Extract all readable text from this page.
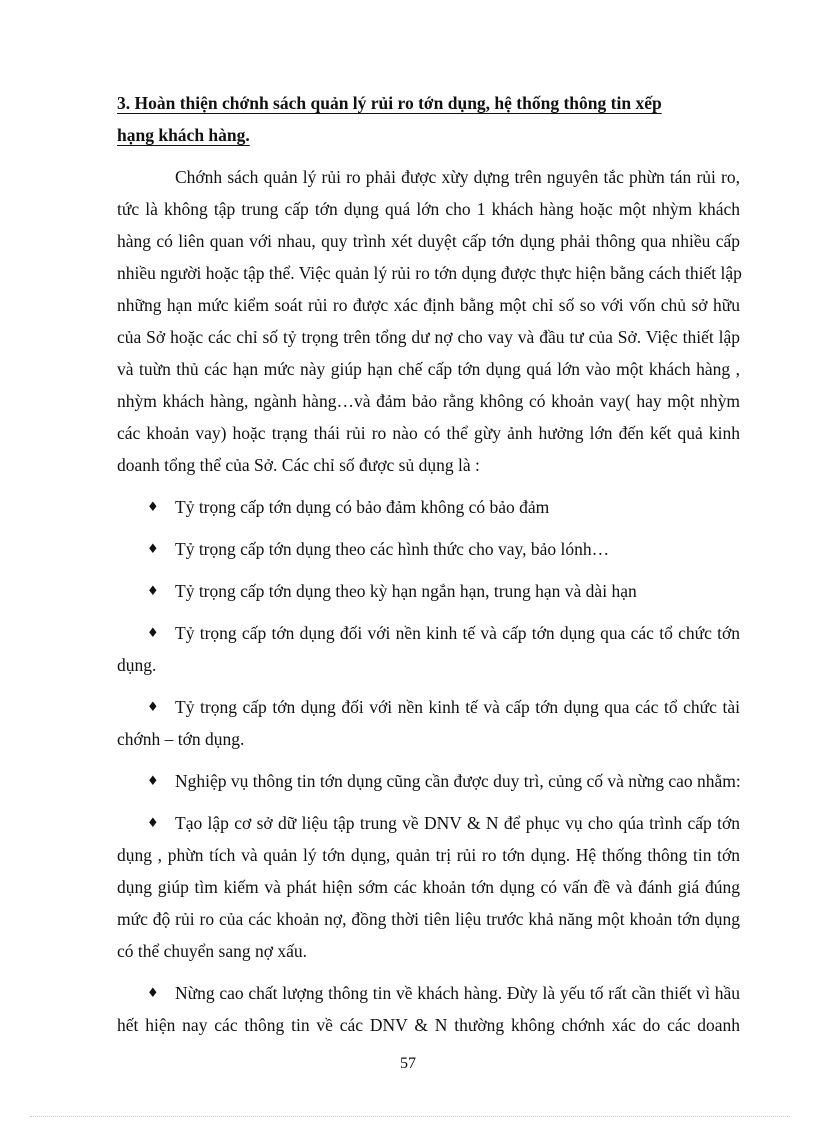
3. Hoàn thiện chớnh sách quản lý rủi ro tớn dụng, hệ thống thông tin xếp
hạng khách hàng.
Chớnh sách quản lý rủi ro phải được xừy dựng trên nguyên tắc phừn tán rủi ro,
tức là không tập trung cấp tớn dụng quá lớn cho 1 khách hàng hoặc một nhỳm khách
hàng có liên quan với nhau, quy trình xét duyệt cấp tớn dụng phải thông qua nhiều cấp
nhiều người hoặc tập thể. Việc quản lý rủi ro tớn dụng được thực hiện bằng cách thiết lập
những hạn mức kiểm soát rủi ro được xác định bằng một chỉ số so với vốn chủ sở hữu
của Sở hoặc các chỉ số tỷ trọng trên tổng dư nợ cho vay và đầu tư của Sở. Việc thiết lập
và tuừn thủ các hạn mức này giúp hạn chế cấp tớn dụng quá lớn vào một khách hàng ,
nhỳm khách hàng, ngành hàng…và đảm bảo rằng không có khoản vay( hay một nhỳm
các khoản vay) hoặc trạng thái rủi ro nào có thể gừy ảnh hưởng lớn đến kết quả kinh
doanh tổng thể của Sở. Các chỉ số được sủ dụng là :
♦ Tỷ trọng cấp tớn dụng có bảo đảm không có bảo đảm
♦ Tỷ trọng cấp tớn dụng theo các hình thức cho vay, bảo lónh…
♦ Tỷ trọng cấp tớn dụng theo kỳ hạn ngắn hạn, trung hạn và dài hạn
♦ Tỷ trọng cấp tớn dụng đối với nền kinh tế và cấp tớn dụng qua các tổ chức tớn
dụng.
♦ Tỷ trọng cấp tớn dụng đối với nền kinh tế và cấp tớn dụng qua các tổ chức tài
chớnh – tớn dụng.
♦ Nghiệp vụ thông tin tớn dụng cũng cần được duy trì, củng cố và nừng cao nhằm:
♦ Tạo lập cơ sở dữ liệu tập trung về DNV & N để phục vụ cho qúa trình cấp tớn
dụng , phừn tích và quản lý tớn dụng, quản trị rủi ro tớn dụng. Hệ thống thông tin tớn
dụng giúp tìm kiếm và phát hiện sớm các khoản tớn dụng có vấn đề và đánh giá đúng
mức độ rủi ro của các khoản nợ, đồng thời tiên liệu trước khả năng một khoản tớn dụng
có thể chuyển sang nợ xấu.
♦ Nừng cao chất lượng thông tin về khách hàng. Đừy là yếu tố rất cần thiết vì hầu
hết hiện nay các thông tin về các DNV & N thường không chớnh xác do các doanh
57
